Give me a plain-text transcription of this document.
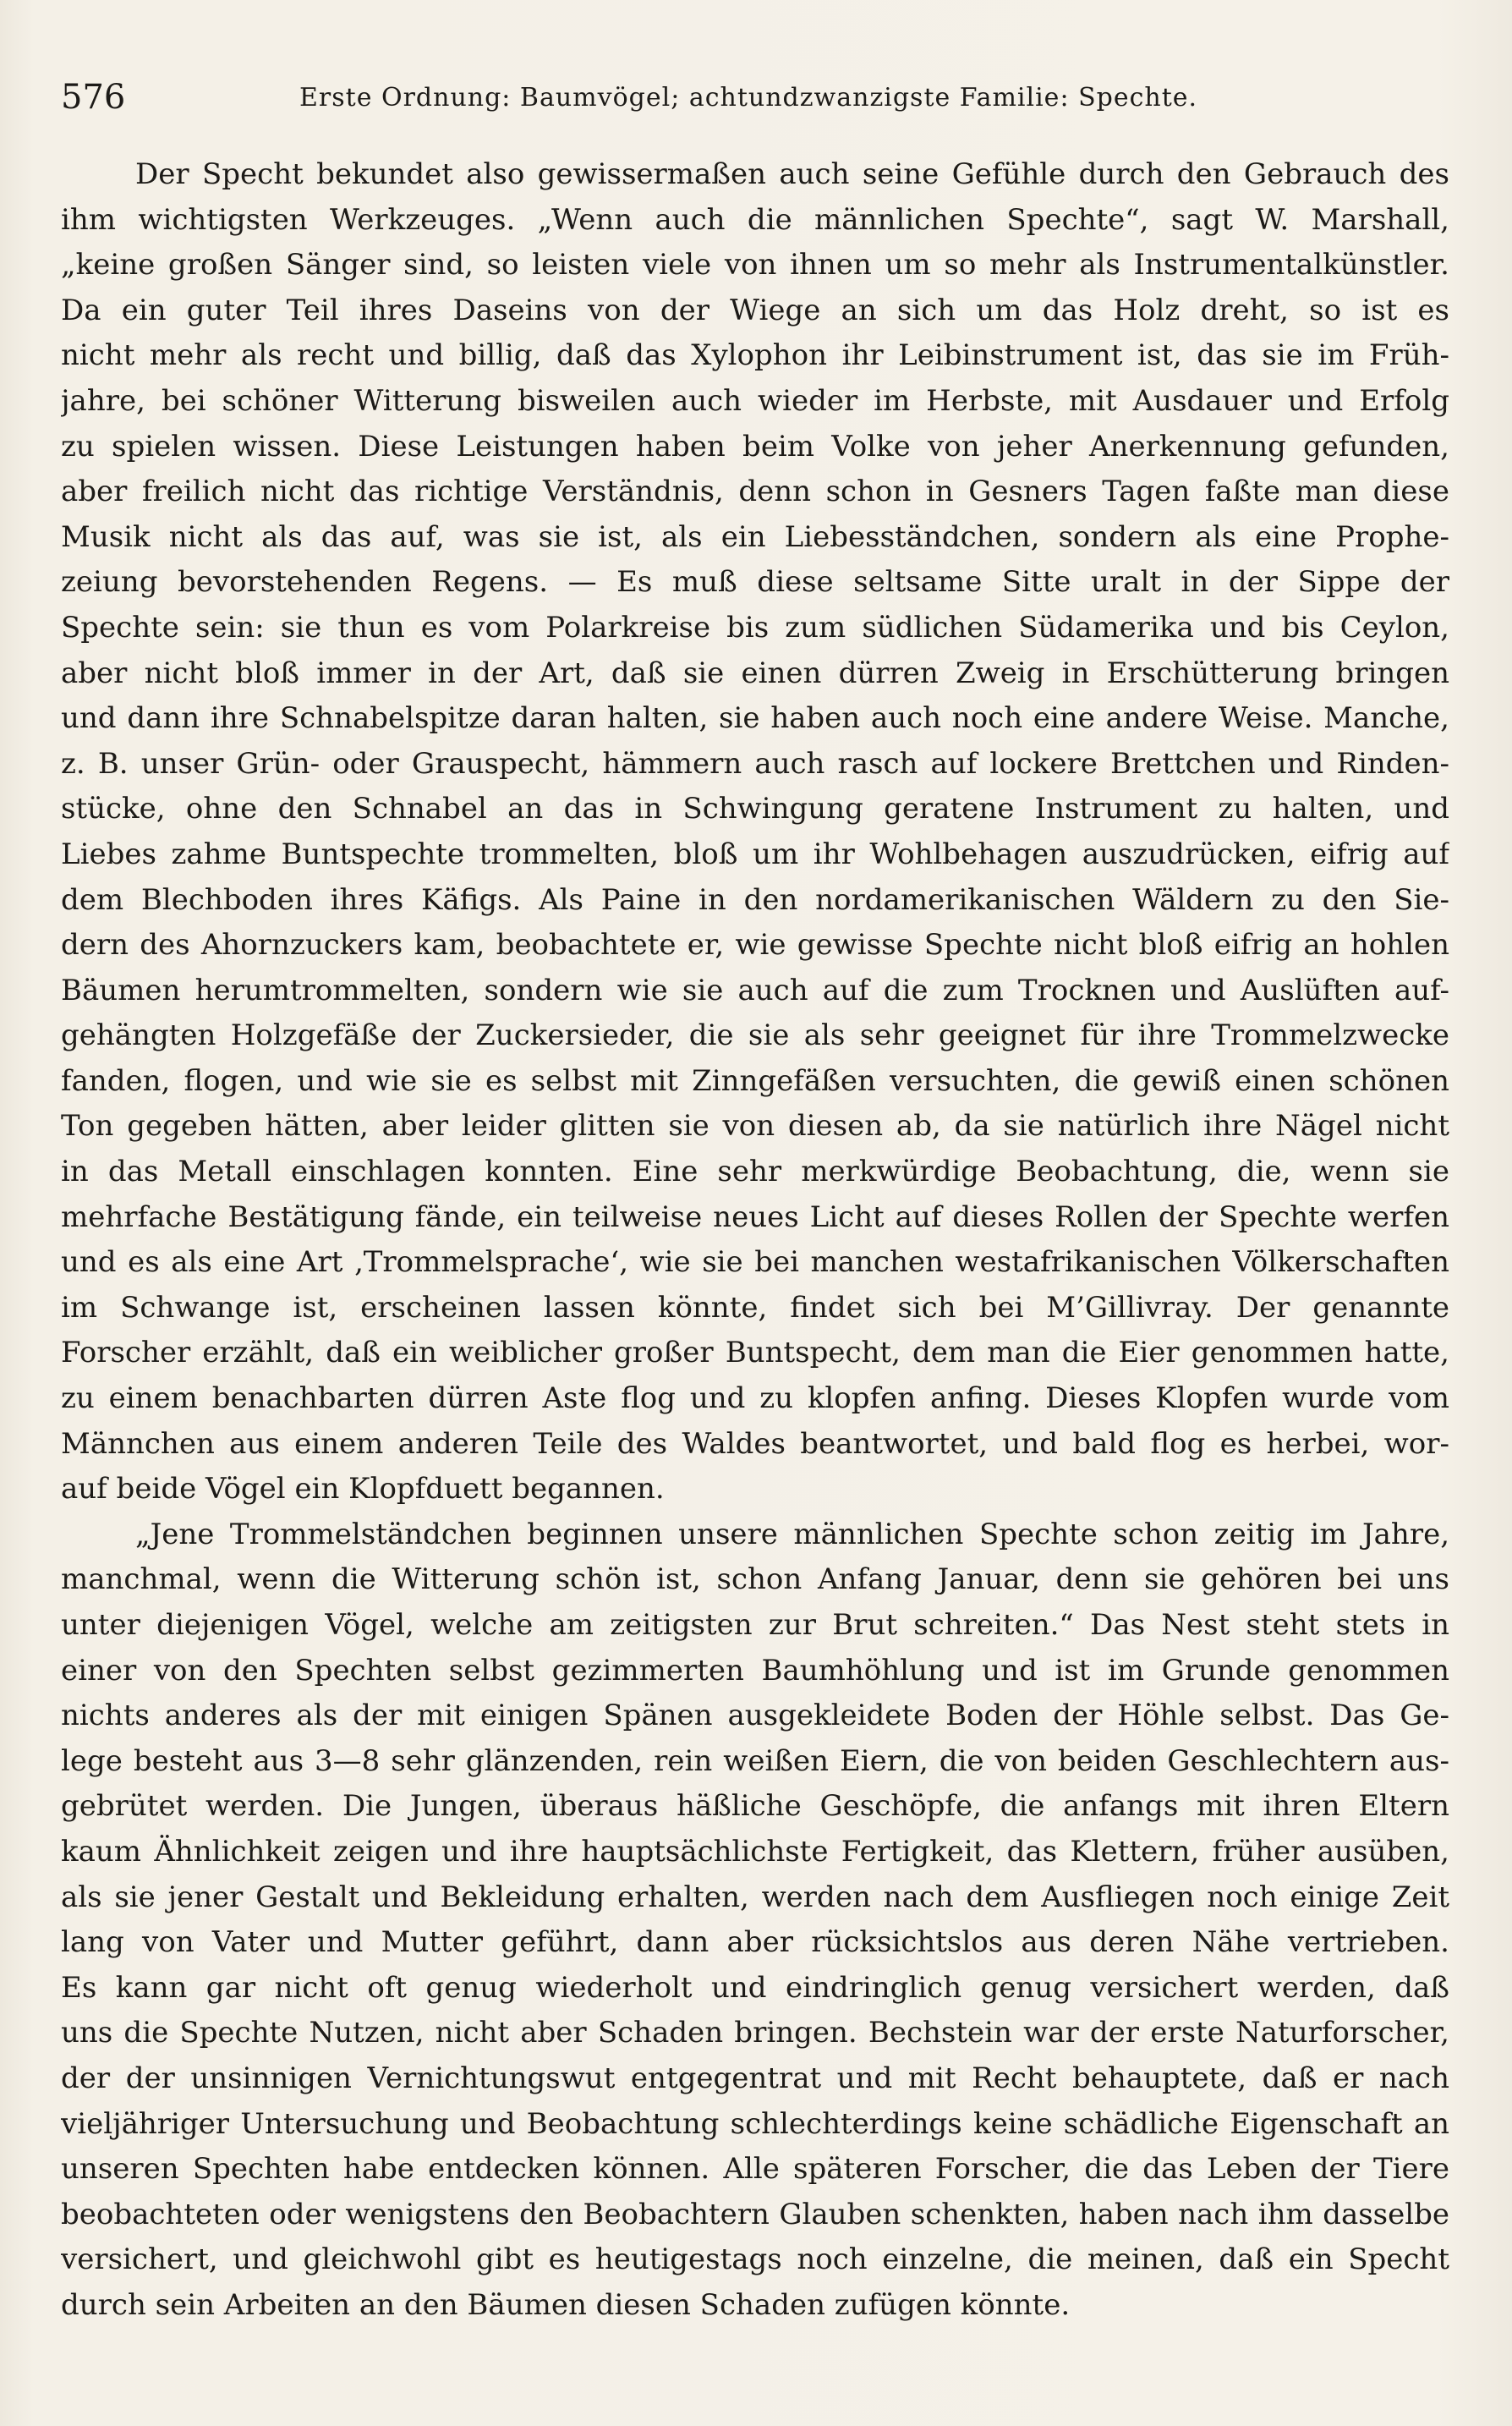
576	Erste Ordnung: Baumvögel; achtundzwanzigste Familie: Spechte.
Der Specht bekundet also gewissermaßen auch seine Gefühle durch den Gebrauch des
ihm wichtigsten Werkzeuges. „Wenn auch die männlichen Spechte“, sagt W. Marshall,
„keine großen Sänger sind, so leisten viele von ihnen um so mehr als Instrumentalkünstler.
Da ein guter Teil ihres Daseins von der Wiege an sich um das Holz dreht, so ist es
nicht mehr als recht und billig, daß das Xylophon ihr Leibinstrument ist, das sie im Früh-
jahre, bei schöner Witterung bisweilen auch wieder im Herbste, mit Ausdauer und Erfolg
zu spielen wissen. Diese Leistungen haben beim Volke von jeher Anerkennung gefunden,
aber freilich nicht das richtige Verständnis, denn schon in Gesners Tagen faßte man diese
Musik nicht als das auf, was sie ist, als ein Liebesständchen, sondern als eine Prophe-
zeiung bevorstehenden Regens. — Es muß diese seltsame Sitte uralt in der Sippe der
Spechte sein: sie thun es vom Polarkreise bis zum südlichen Südamerika und bis Ceylon,
aber nicht bloß immer in der Art, daß sie einen dürren Zweig in Erschütterung bringen
und dann ihre Schnabelspitze daran halten, sie haben auch noch eine andere Weise. Manche,
z. B. unser Grün- oder Grauspecht, hämmern auch rasch auf lockere Brettchen und Rinden-
stücke, ohne den Schnabel an das in Schwingung geratene Instrument zu halten, und
Liebes zahme Buntspechte trommelten, bloß um ihr Wohlbehagen auszudrücken, eifrig auf
dem Blechboden ihres Käfigs. Als Paine in den nordamerikanischen Wäldern zu den Sie-
dern des Ahornzuckers kam, beobachtete er, wie gewisse Spechte nicht bloß eifrig an hohlen
Bäumen herumtrommelten, sondern wie sie auch auf die zum Trocknen und Auslüften auf-
gehängten Holzgefäße der Zuckersieder, die sie als sehr geeignet für ihre Trommelzwecke
fanden, flogen, und wie sie es selbst mit Zinngefäßen versuchten, die gewiß einen schönen
Ton gegeben hätten, aber leider glitten sie von diesen ab, da sie natürlich ihre Nägel nicht
in das Metall einschlagen konnten. Eine sehr merkwürdige Beobachtung, die, wenn sie
mehrfache Bestätigung fände, ein teilweise neues Licht auf dieses Rollen der Spechte werfen
und es als eine Art ‚Trommelsprache‘, wie sie bei manchen westafrikanischen Völkerschaften
im Schwange ist, erscheinen lassen könnte, findet sich bei M’Gillivray. Der genannte
Forscher erzählt, daß ein weiblicher großer Buntspecht, dem man die Eier genommen hatte,
zu einem benachbarten dürren Aste flog und zu klopfen anfing. Dieses Klopfen wurde vom
Männchen aus einem anderen Teile des Waldes beantwortet, und bald flog es herbei, wor-
auf beide Vögel ein Klopfduett begannen.
„Jene Trommelständchen beginnen unsere männlichen Spechte schon zeitig im Jahre,
manchmal, wenn die Witterung schön ist, schon Anfang Januar, denn sie gehören bei uns
unter diejenigen Vögel, welche am zeitigsten zur Brut schreiten.“ Das Nest steht stets in
einer von den Spechten selbst gezimmerten Baumhöhlung und ist im Grunde genommen
nichts anderes als der mit einigen Spänen ausgekleidete Boden der Höhle selbst. Das Ge-
lege besteht aus 3—8 sehr glänzenden, rein weißen Eiern, die von beiden Geschlechtern aus-
gebrütet werden. Die Jungen, überaus häßliche Geschöpfe, die anfangs mit ihren Eltern
kaum Ähnlichkeit zeigen und ihre hauptsächlichste Fertigkeit, das Klettern, früher ausüben,
als sie jener Gestalt und Bekleidung erhalten, werden nach dem Ausfliegen noch einige Zeit
lang von Vater und Mutter geführt, dann aber rücksichtslos aus deren Nähe vertrieben.
Es kann gar nicht oft genug wiederholt und eindringlich genug versichert werden, daß
uns die Spechte Nutzen, nicht aber Schaden bringen. Bechstein war der erste Naturforscher,
der der unsinnigen Vernichtungswut entgegentrat und mit Recht behauptete, daß er nach
vieljähriger Untersuchung und Beobachtung schlechterdings keine schädliche Eigenschaft an
unseren Spechten habe entdecken können. Alle späteren Forscher, die das Leben der Tiere
beobachteten oder wenigstens den Beobachtern Glauben schenkten, haben nach ihm dasselbe
versichert, und gleichwohl gibt es heutigestags noch einzelne, die meinen, daß ein Specht
durch sein Arbeiten an den Bäumen diesen Schaden zufügen könnte.
